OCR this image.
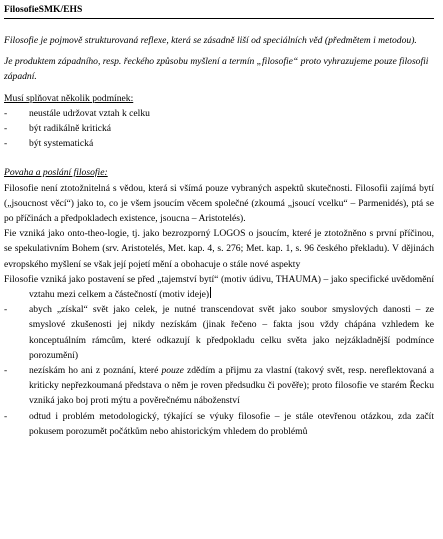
FilosofieSMK/EHS
Filosofie je pojmově strukturovaná reflexe, která se zásadně liší od speciálních věd (předmětem i metodou).
Je produktem západního, resp. řeckého způsobu myšlení a termín „filosofie“ proto vyhrazujeme pouze filosofii západní.
Musí splňovat několik podmínek:
- neustále udržovat vztah k celku
- být radikálně kritická
- být systematická
Povaha a poslání filosofie:
Filosofie není ztotožnitelná s vědou, která si všímá pouze vybraných aspektů skutečnosti. Filosofii zajímá bytí („jsoucnost věcí“) jako to, co je všem jsoucím věcem společné (zkoumá „jsoucí vcelku“ – Parmenidés), ptá se po příčinách a předpokladech existence, jsoucna – Aristotelés).
Fie vzniká jako onto-theo-logie, tj. jako bezrozporný LOGOS o jsoucím, které je ztotožněno s první příčinou, se spekulativním Bohem (srv. Aristotelés, Met. kap. 4, s. 276; Met. kap. 1, s. 96 českého překladu). V dějinách evropského myšlení se však její pojetí mění a obohacuje o stále nové aspekty
Filosofie vzniká jako postavení se před „tajemství bytí“ (motiv údivu, THAUMA) – jako specifické uvědomění vztahu mezi celkem a částečností (motiv ideje)
- abych „získal“ svět jako celek, je nutné transcendovat svět jako soubor smyslových danosti – ze smyslové zkušenosti jej nikdy nezískám (jinak řečeno – fakta jsou vždy chápána vzhledem ke konceptuálním rámcům, které odkazují k předpokladu celku světa jako nejzákladnější podmínce porozumění)
- nezískám ho ani z poznání, které pouze zdědím a přijmu za vlastní (takový svět, resp. nereflektovaná a kriticky nepřezkoumaná představa o něm je roven předsudku či pověře); proto filosofie ve starém Řecku vzniká jako boj proti mýtu a pověrečnému náboženství
- odtud i problém metodologický, týkající se výuky filosofie – je stále otevřenou otázkou, zda začít pokusem porozumět počátkům nebo ahistorickým vhledem do problémů
